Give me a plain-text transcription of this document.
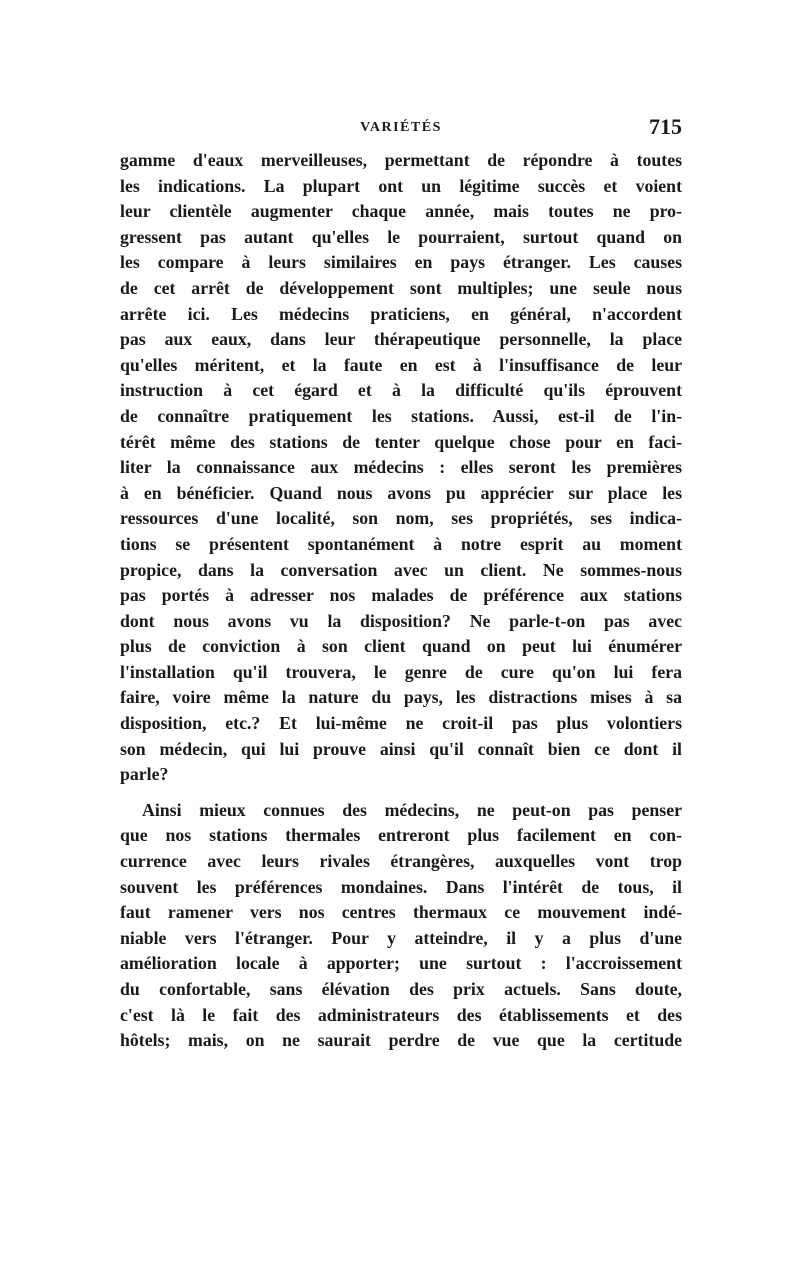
VARIÉTÉS	715
gamme d'eaux merveilleuses, permettant de répondre à toutes
les indications. La plupart ont un légitime succès et voient
leur clientèle augmenter chaque année, mais toutes ne pro-
gressent pas autant qu'elles le pourraient, surtout quand on
les compare à leurs similaires en pays étranger. Les causes
de cet arrêt de développement sont multiples; une seule nous
arrête ici. Les médecins praticiens, en général, n'accordent
pas aux eaux, dans leur thérapeutique personnelle, la place
qu'elles méritent, et la faute en est à l'insuffisance de leur
instruction à cet égard et à la difficulté qu'ils éprouvent
de connaître pratiquement les stations. Aussi, est-il de l'in-
térêt même des stations de tenter quelque chose pour en faci-
liter la connaissance aux médecins : elles seront les premières
à en bénéficier. Quand nous avons pu apprécier sur place les
ressources d'une localité, son nom, ses propriétés, ses indica-
tions se présentent spontanément à notre esprit au moment
propice, dans la conversation avec un client. Ne sommes-nous
pas portés à adresser nos malades de préférence aux stations
dont nous avons vu la disposition? Ne parle-t-on pas avec
plus de conviction à son client quand on peut lui énumérer
l'installation qu'il trouvera, le genre de cure qu'on lui fera
faire, voire même la nature du pays, les distractions mises à sa
disposition, etc.? Et lui-même ne croit-il pas plus volontiers
son médecin, qui lui prouve ainsi qu'il connaît bien ce dont il
parle?
Ainsi mieux connues des médecins, ne peut-on pas penser
que nos stations thermales entreront plus facilement en con-
currence avec leurs rivales étrangères, auxquelles vont trop
souvent les préférences mondaines. Dans l'intérêt de tous, il
faut ramener vers nos centres thermaux ce mouvement indé-
niable vers l'étranger. Pour y atteindre, il y a plus d'une
amélioration locale à apporter; une surtout : l'accroissement
du confortable, sans élévation des prix actuels. Sans doute,
c'est là le fait des administrateurs des établissements et des
hôtels; mais, on ne saurait perdre de vue que la certitude
